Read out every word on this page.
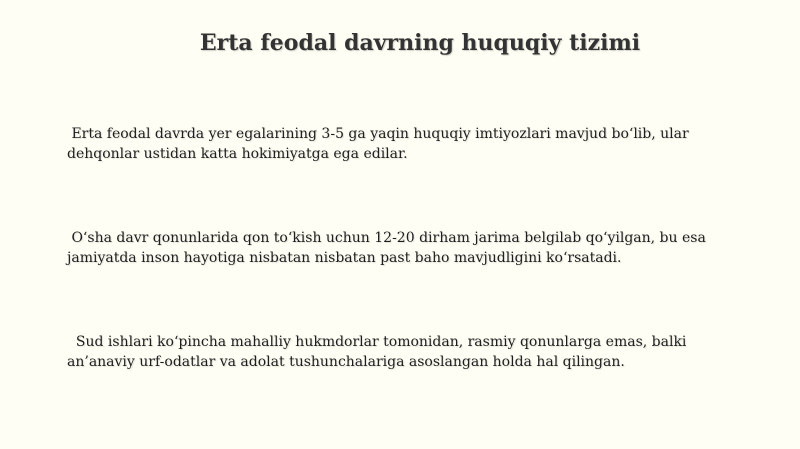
Erta feodal davrning huquqiy tizimi

Erta feodal davrda yer egalarining 3-5 ga yaqin huquqiy imtiyozlari mavjud bo‘lib, ular dehqonlar ustidan katta hokimiyatga ega edilar.

O‘sha davr qonunlarida qon to‘kish uchun 12-20 dirham jarima belgilab qo‘yilgan, bu esa jamiyatda inson hayotiga nisbatan nisbatan past baho mavjudligini ko‘rsatadi.

Sud ishlari ko‘pincha mahalliy hukmdorlar tomonidan, rasmiy qonunlarga emas, balki an’anaviy urf-odatlar va adolat tushunchalariga asoslangan holda hal qilingan.
